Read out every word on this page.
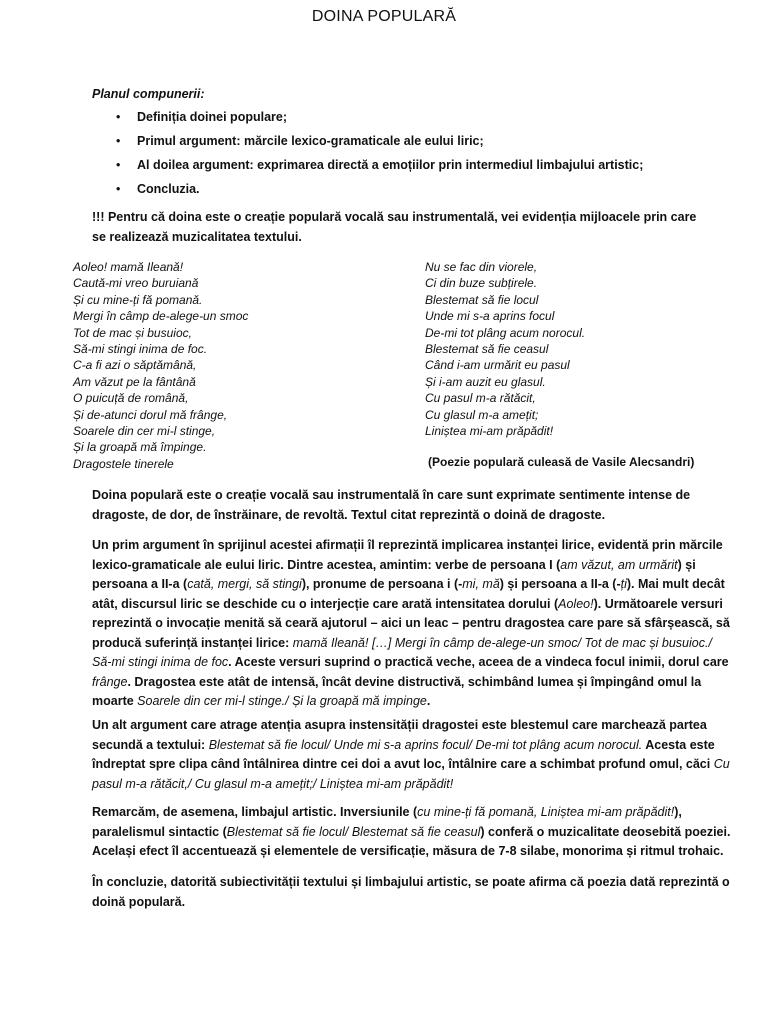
DOINA POPULARĂ
Planul compunerii:
• Definiția doinei populare;
• Primul argument: mărcile lexico-gramaticale ale eului liric;
• Al doilea argument: exprimarea directă a emoțiilor prin intermediul limbajului artistic;
• Concluzia.
!!! Pentru că doina este o creație populară vocală sau instrumentală, vei evidenția mijloacele prin care se realizează muzicalitatea textului.
Aoleo! mamă Ileană!
Caută-mi vreo buruiană
Și cu mine-ți fă pomană.
Mergi în câmp de-alege-un smoc
Tot de mac și busuioc,
Să-mi stingi inima de foc.
C-a fi azi o săptămână,
Am văzut pe la fântână
O puicuță de română,
Și de-atunci dorul mă frânge,
Soarele din cer mi-l stinge,
Și la groapă mă împinge.
Dragostele tinerele
Nu se fac din viorele,
Ci din buze subțirele.
Blestemat să fie locul
Unde mi s-a aprins focul
De-mi tot plâng acum norocul.
Blestemat să fie ceasul
Când i-am urmărit eu pasul
Și i-am auzit eu glasul.
Cu pasul m-a rătăcit,
Cu glasul m-a amețit;
Liniștea mi-am prăpădit!
(Poezie populară culeasă de Vasile Alecsandri)

Doina populară este o creație vocală sau instrumentală în care sunt exprimate sentimente intense de dragoste, de dor, de înstrăinare, de revoltă. Textul citat reprezintă o doină de dragoste.

Un prim argument în sprijinul acestei afirmații îl reprezintă implicarea instanței lirice, evidentă prin mărcile lexico-gramaticale ale eului liric. Dintre acestea, amintim: verbe de persoana I (am văzut, am urmărit) și persoana a II-a (cată, mergi, să stingi), pronume de persoana i (-mi, mă) și persoana a II-a (-ți). Mai mult decât atât, discursul liric se deschide cu o interjecție care arată intensitatea dorului (Aoleo!). Următoarele versuri reprezintă o invocație menită să ceară ajutorul – aici un leac – pentru dragostea care pare să sfârșească, să producă suferință instanței lirice: mamă Ileană! […] Mergi în câmp de-alege-un smoc/ Tot de mac și busuioc./ Să-mi stingi inima de foc. Aceste versuri suprind o practică veche, aceea de a vindeca focul inimii, dorul care frânge. Dragostea este atât de intensă, încât devine distructivă, schimbând lumea și împingând omul la moarte Soarele din cer mi-l stinge./ Și la groapă mă impinge.

Un alt argument care atrage atenția asupra instensității dragostei este blestemul care marchează partea secundă a textului: Blestemat să fie locul/ Unde mi s-a aprins focul/ De-mi tot plâng acum norocul. Acesta este îndreptat spre clipa când întâlnirea dintre cei doi a avut loc, întâlnire care a schimbat profund omul, căci Cu pasul m-a rătăcit,/ Cu glasul m-a amețit;/ Liniștea mi-am prăpădit!

Remarcăm, de asemena, limbajul artistic. Inversiunile (cu mine-ți fă pomană, Liniștea mi-am prăpădit!), paralelismul sintactic (Blestemat să fie locul/ Blestemat să fie ceasul) conferă o muzicalitate deosebită poeziei. Același efect îl accentuează și elementele de versificație, măsura de 7-8 silabe, monorima și ritmul trohaic.

În concluzie, datorită subiectivității textului și limbajului artistic, se poate afirma că poezia dată reprezintă o doină populară.
